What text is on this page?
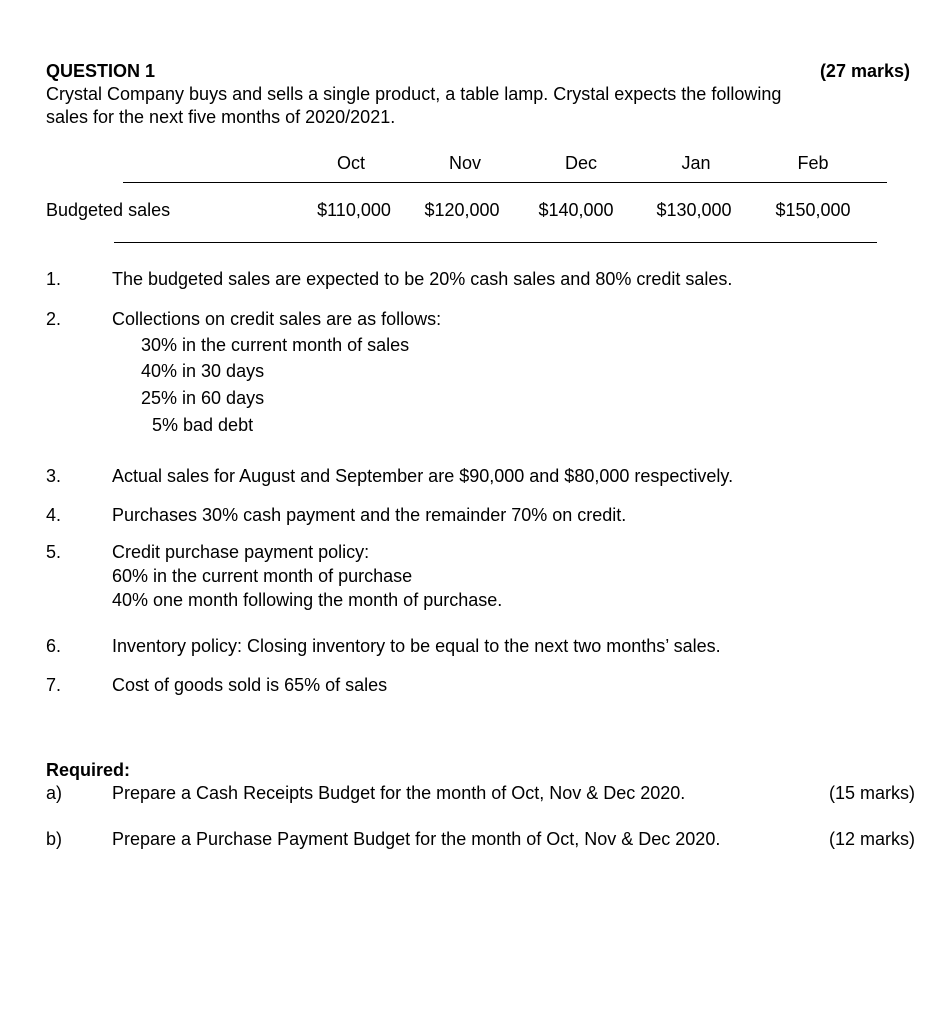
QUESTION 1	(27 marks)
Crystal Company buys and sells a single product, a table lamp. Crystal expects the following
sales for the next five months of 2020/2021.
Oct	Nov	Dec	Jan	Feb
Budgeted sales	$110,000	$120,000	$140,000	$130,000	$150,000
1.	The budgeted sales are expected to be 20% cash sales and 80% credit sales.
2.	Collections on credit sales are as follows:
30% in the current month of sales
40% in 30 days
25% in 60 days
5% bad debt
3.	Actual sales for August and September are $90,000 and $80,000 respectively.
4.	Purchases 30% cash payment and the remainder 70% on credit.
5.	Credit purchase payment policy:
60% in the current month of purchase
40% one month following the month of purchase.
6.	Inventory policy: Closing inventory to be equal to the next two months’ sales.
7.	Cost of goods sold is 65% of sales
Required:
a)	Prepare a Cash Receipts Budget for the month of Oct, Nov & Dec 2020.	(15 marks)
b)	Prepare a Purchase Payment Budget for the month of Oct, Nov & Dec 2020.	(12 marks)
